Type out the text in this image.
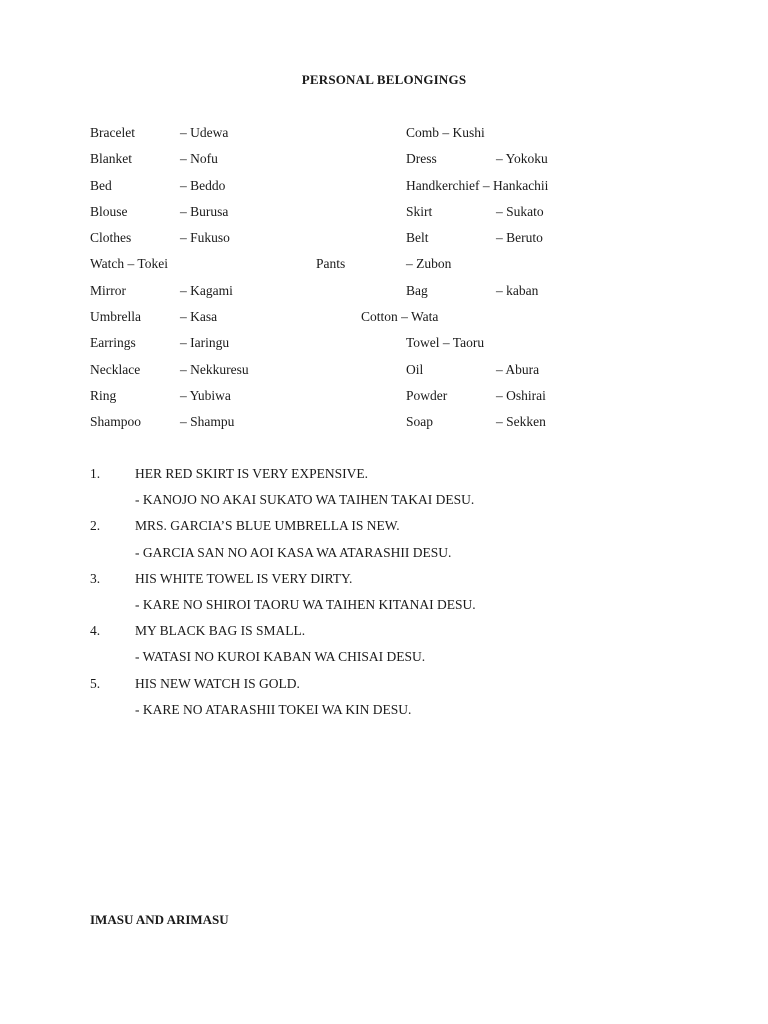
PERSONAL BELONGINGS
Bracelet	– Udewa	Comb – Kushi
Blanket	– Nofu	Dress	– Yokoku
Bed	– Beddo	Handkerchief – Hankachii
Blouse	– Burusa	Skirt	– Sukato
Clothes	– Fukuso	Belt	– Beruto
Watch – Tokei	Pants	– Zubon
Mirror	– Kagami	Bag	– kaban
Umbrella	– Kasa	Cotton – Wata
Earrings	– Iaringu	Towel – Taoru
Necklace	– Nekkuresu	Oil	– Abura
Ring	– Yubiwa	Powder	– Oshirai
Shampoo	– Shampu	Soap	– Sekken
1.	HER RED SKIRT IS VERY EXPENSIVE.
- KANOJO NO AKAI SUKATO WA TAIHEN TAKAI DESU.
2.	MRS. GARCIA’S BLUE UMBRELLA IS NEW.
- GARCIA SAN NO AOI KASA WA ATARASHII DESU.
3.	HIS WHITE TOWEL IS VERY DIRTY.
- KARE NO SHIROI TAORU WA TAIHEN KITANAI DESU.
4.	MY BLACK BAG IS SMALL.
- WATASI NO KUROI KABAN WA CHISAI DESU.
5.	HIS NEW WATCH IS GOLD.
- KARE NO ATARASHII TOKEI WA KIN DESU.
IMASU AND ARIMASU
